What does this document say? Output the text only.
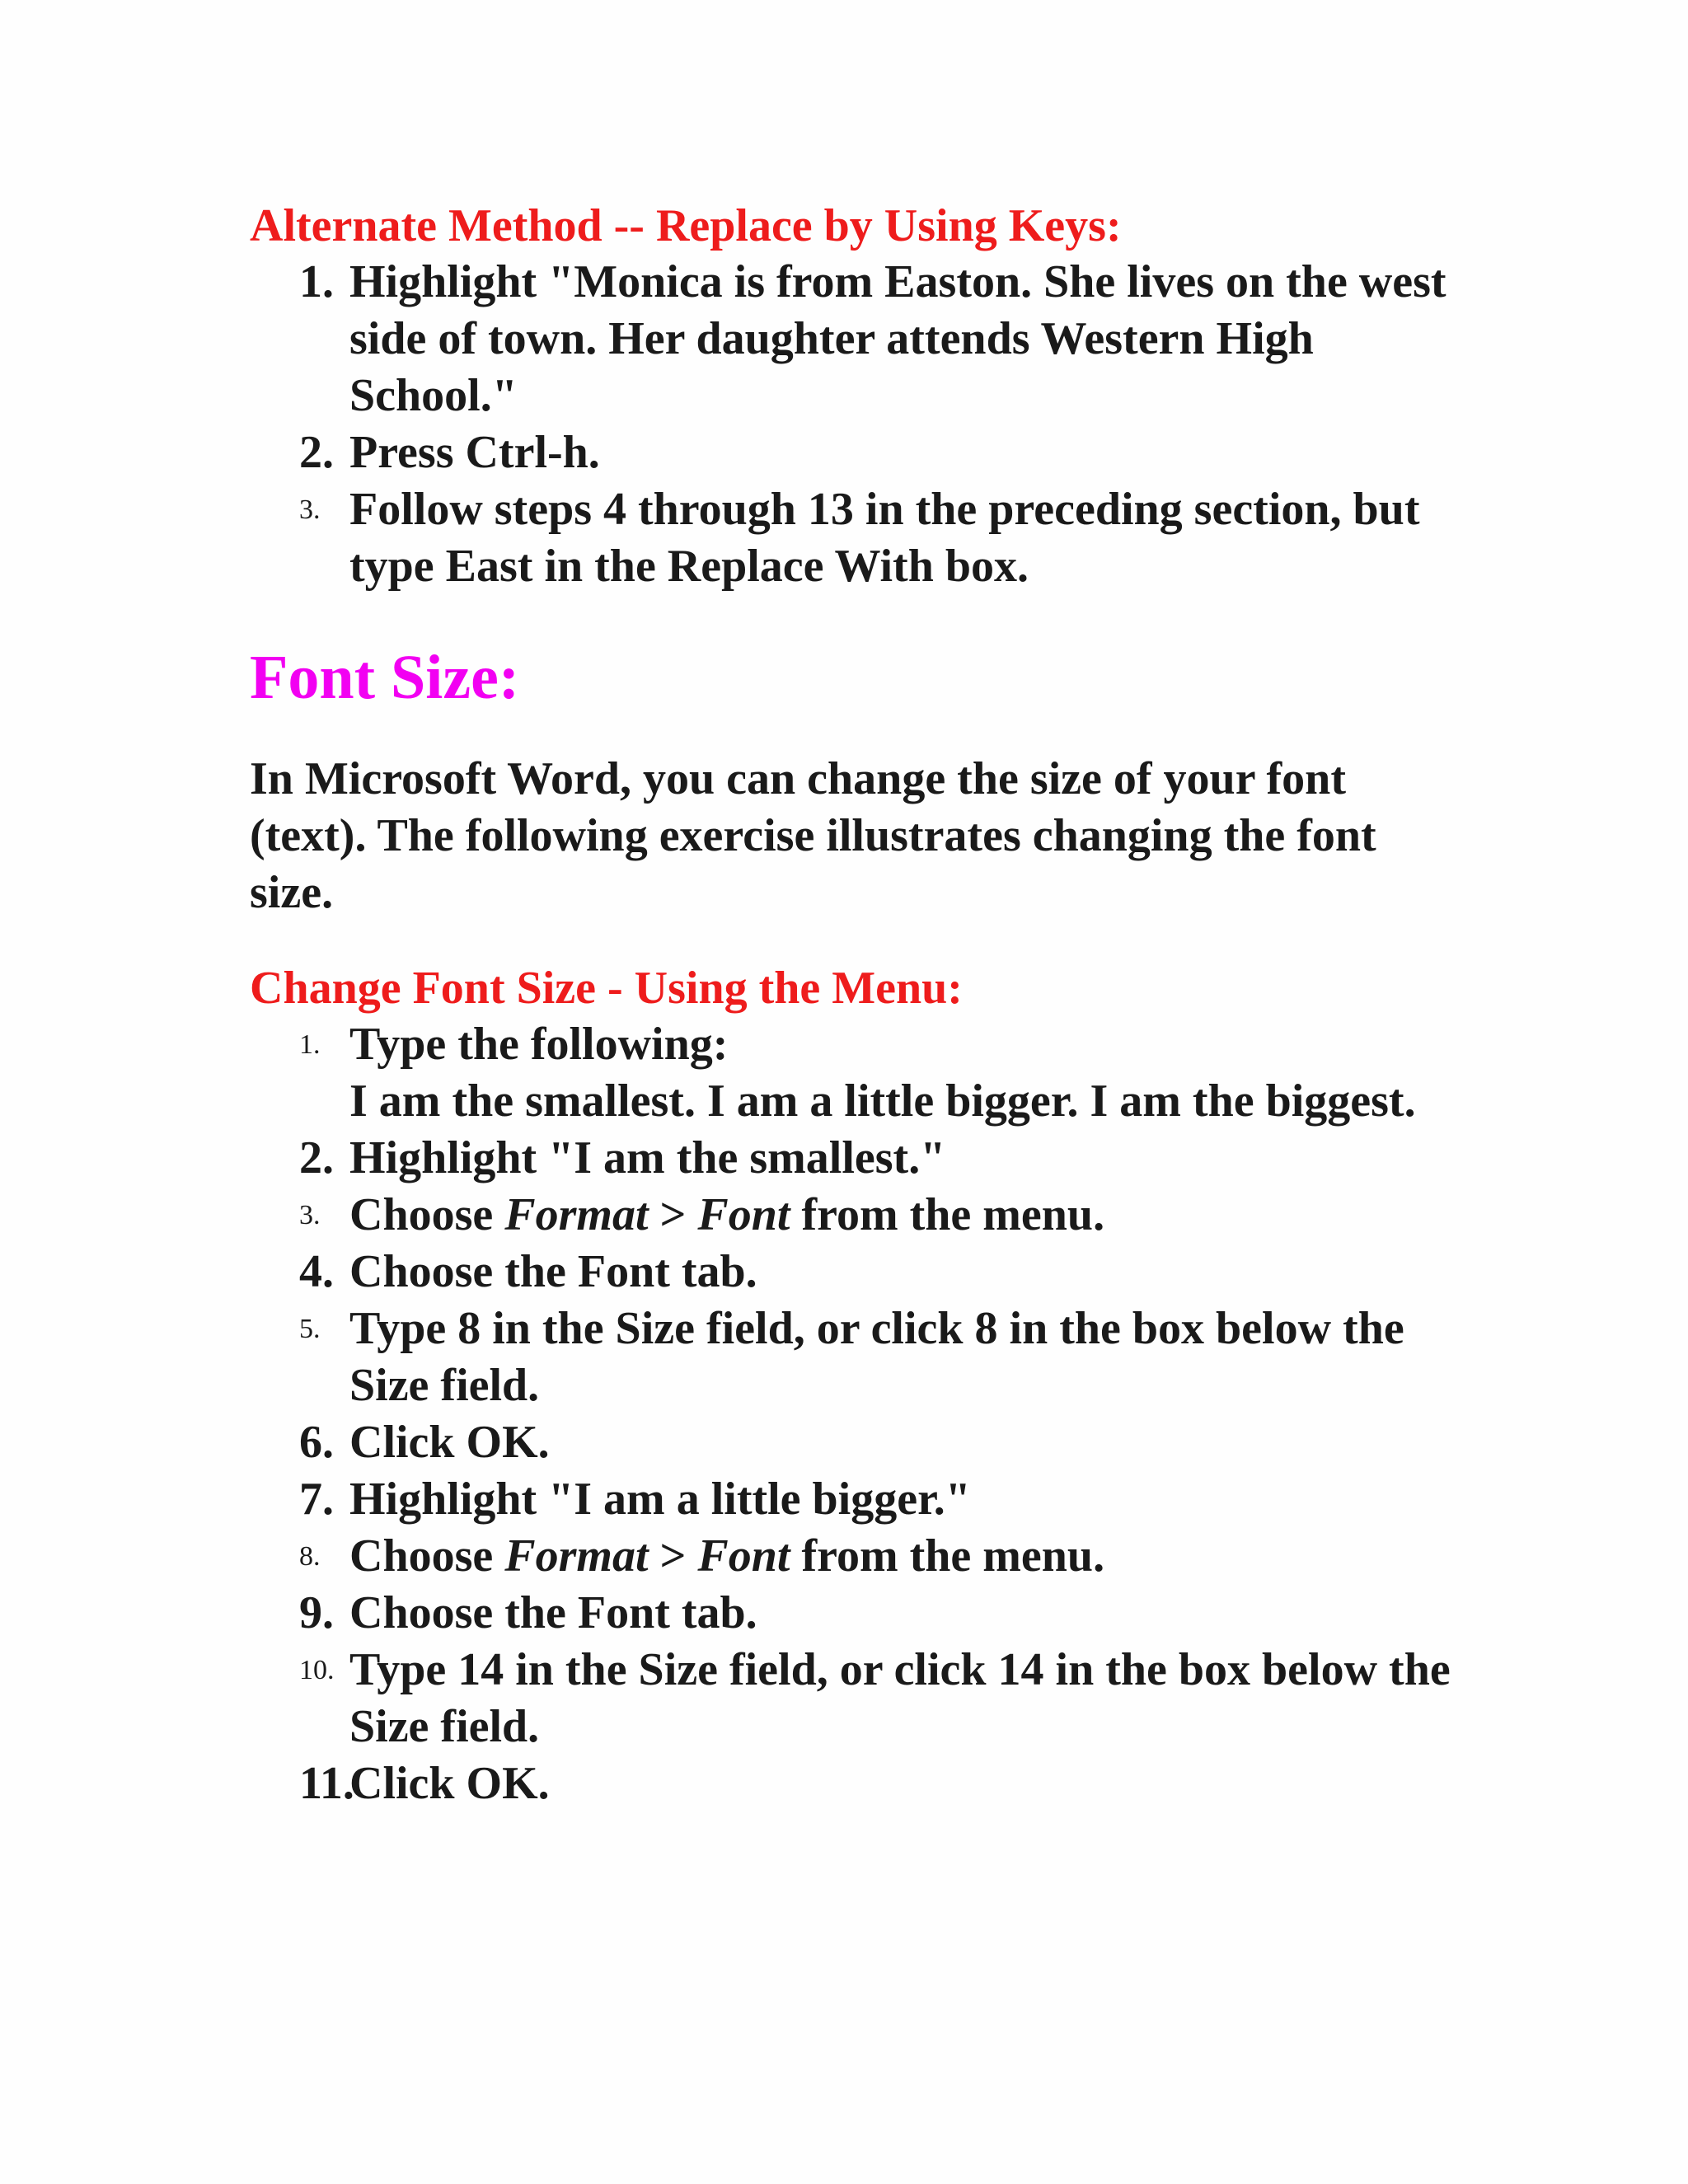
Alternate Method -- Replace by Using Keys:
1. Highlight "Monica is from Easton. She lives on the west side of town. Her daughter attends Western High School."
2. Press Ctrl-h.
3. Follow steps 4 through 13 in the preceding section, but type East in the Replace With box.
Font Size:

In Microsoft Word, you can change the size of your font (text). The following exercise illustrates changing the font size.

Change Font Size - Using the Menu:
1. Type the following:
I am the smallest. I am a little bigger. I am the biggest.
2. Highlight "I am the smallest."
3. Choose Format > Font from the menu.
4. Choose the Font tab.
5. Type 8 in the Size field, or click 8 in the box below the Size field.
6. Click OK.
7. Highlight "I am a little bigger."
8. Choose Format > Font from the menu.
9. Choose the Font tab.
10. Type 14 in the Size field, or click 14 in the box below the Size field.
11.
Click OK.
